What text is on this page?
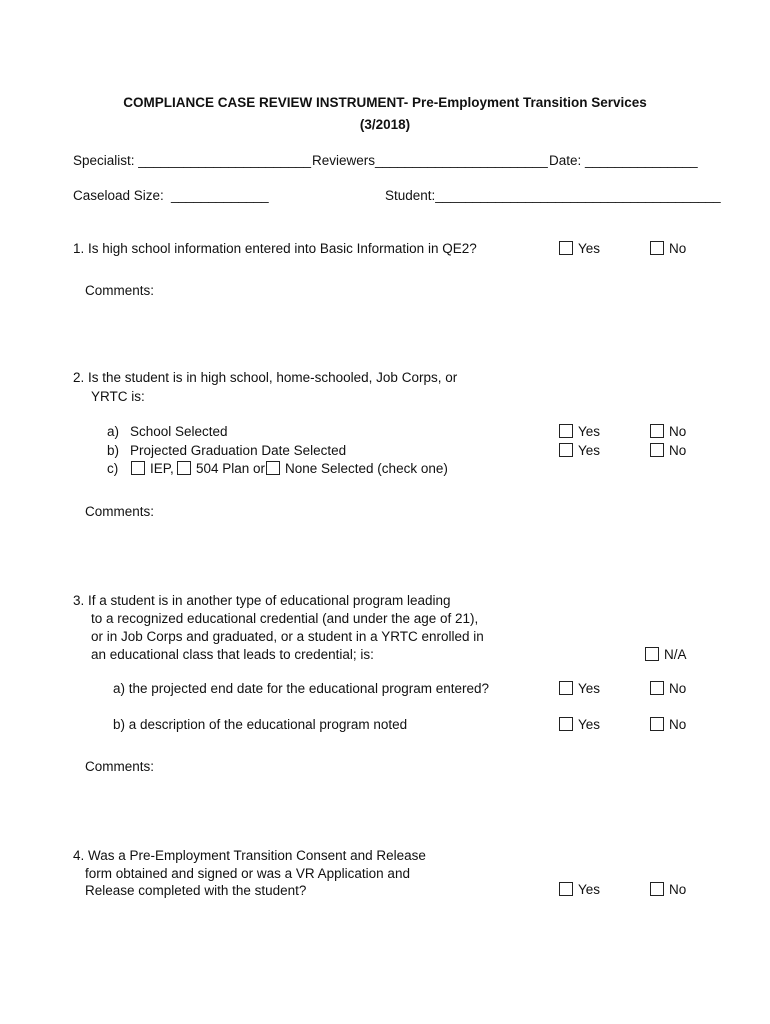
COMPLIANCE CASE REVIEW INSTRUMENT- Pre-Employment Transition Services
(3/2018)
Specialist: _______________________ Reviewers_______________________ Date: _______________
Caseload Size: _____________	Student:______________________________________
1. Is high school information entered into Basic Information in QE2?	Yes	No
Comments:
2. Is the student is in high school, home-schooled, Job Corps, or
YRTC is:
a) School Selected	Yes	No
b) Projected Graduation Date Selected	Yes	No
c)	IEP,	504 Plan or	None Selected (check one)
Comments:
3. If a student is in another type of educational program leading
to a recognized educational credential (and under the age of 21),
or in Job Corps and graduated, or a student in a YRTC enrolled in
an educational class that leads to credential; is:	N/A
a) the projected end date for the educational program entered?	Yes	No
b) a description of the educational program noted	Yes	No
Comments:
4. Was a Pre-Employment Transition Consent and Release
form obtained and signed or was a VR Application and
Release completed with the student?	Yes	No
